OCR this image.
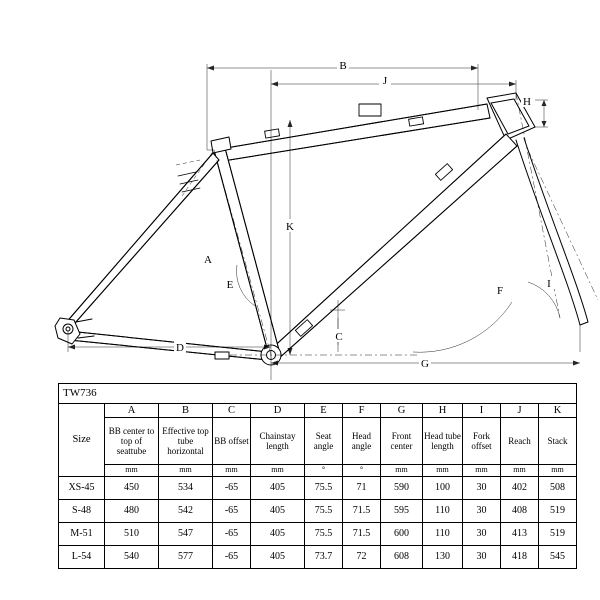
B
J
H
K
A
E	F
C
D
G
I
TW736											
Size	A	B	C	D	E	F	G	H	I	J	K
	BB center to top of seattube	Effective top tube horizontal	BB offset	Chainstay length	Seat angle	Head angle	Front center	Head tube length	Fork offset	Reach	Stack
	mm	mm	mm	mm	°	°	mm	mm	mm	mm	mm
XS-45	450	534	-65	405	75.5	71	590	100	30	402	508
S-48	480	542	-65	405	75.5	71.5	595	110	30	408	519
M-51	510	547	-65	405	75.5	71.5	600	110	30	413	519
L-54	540	577	-65	405	73.7	72	608	130	30	418	545
